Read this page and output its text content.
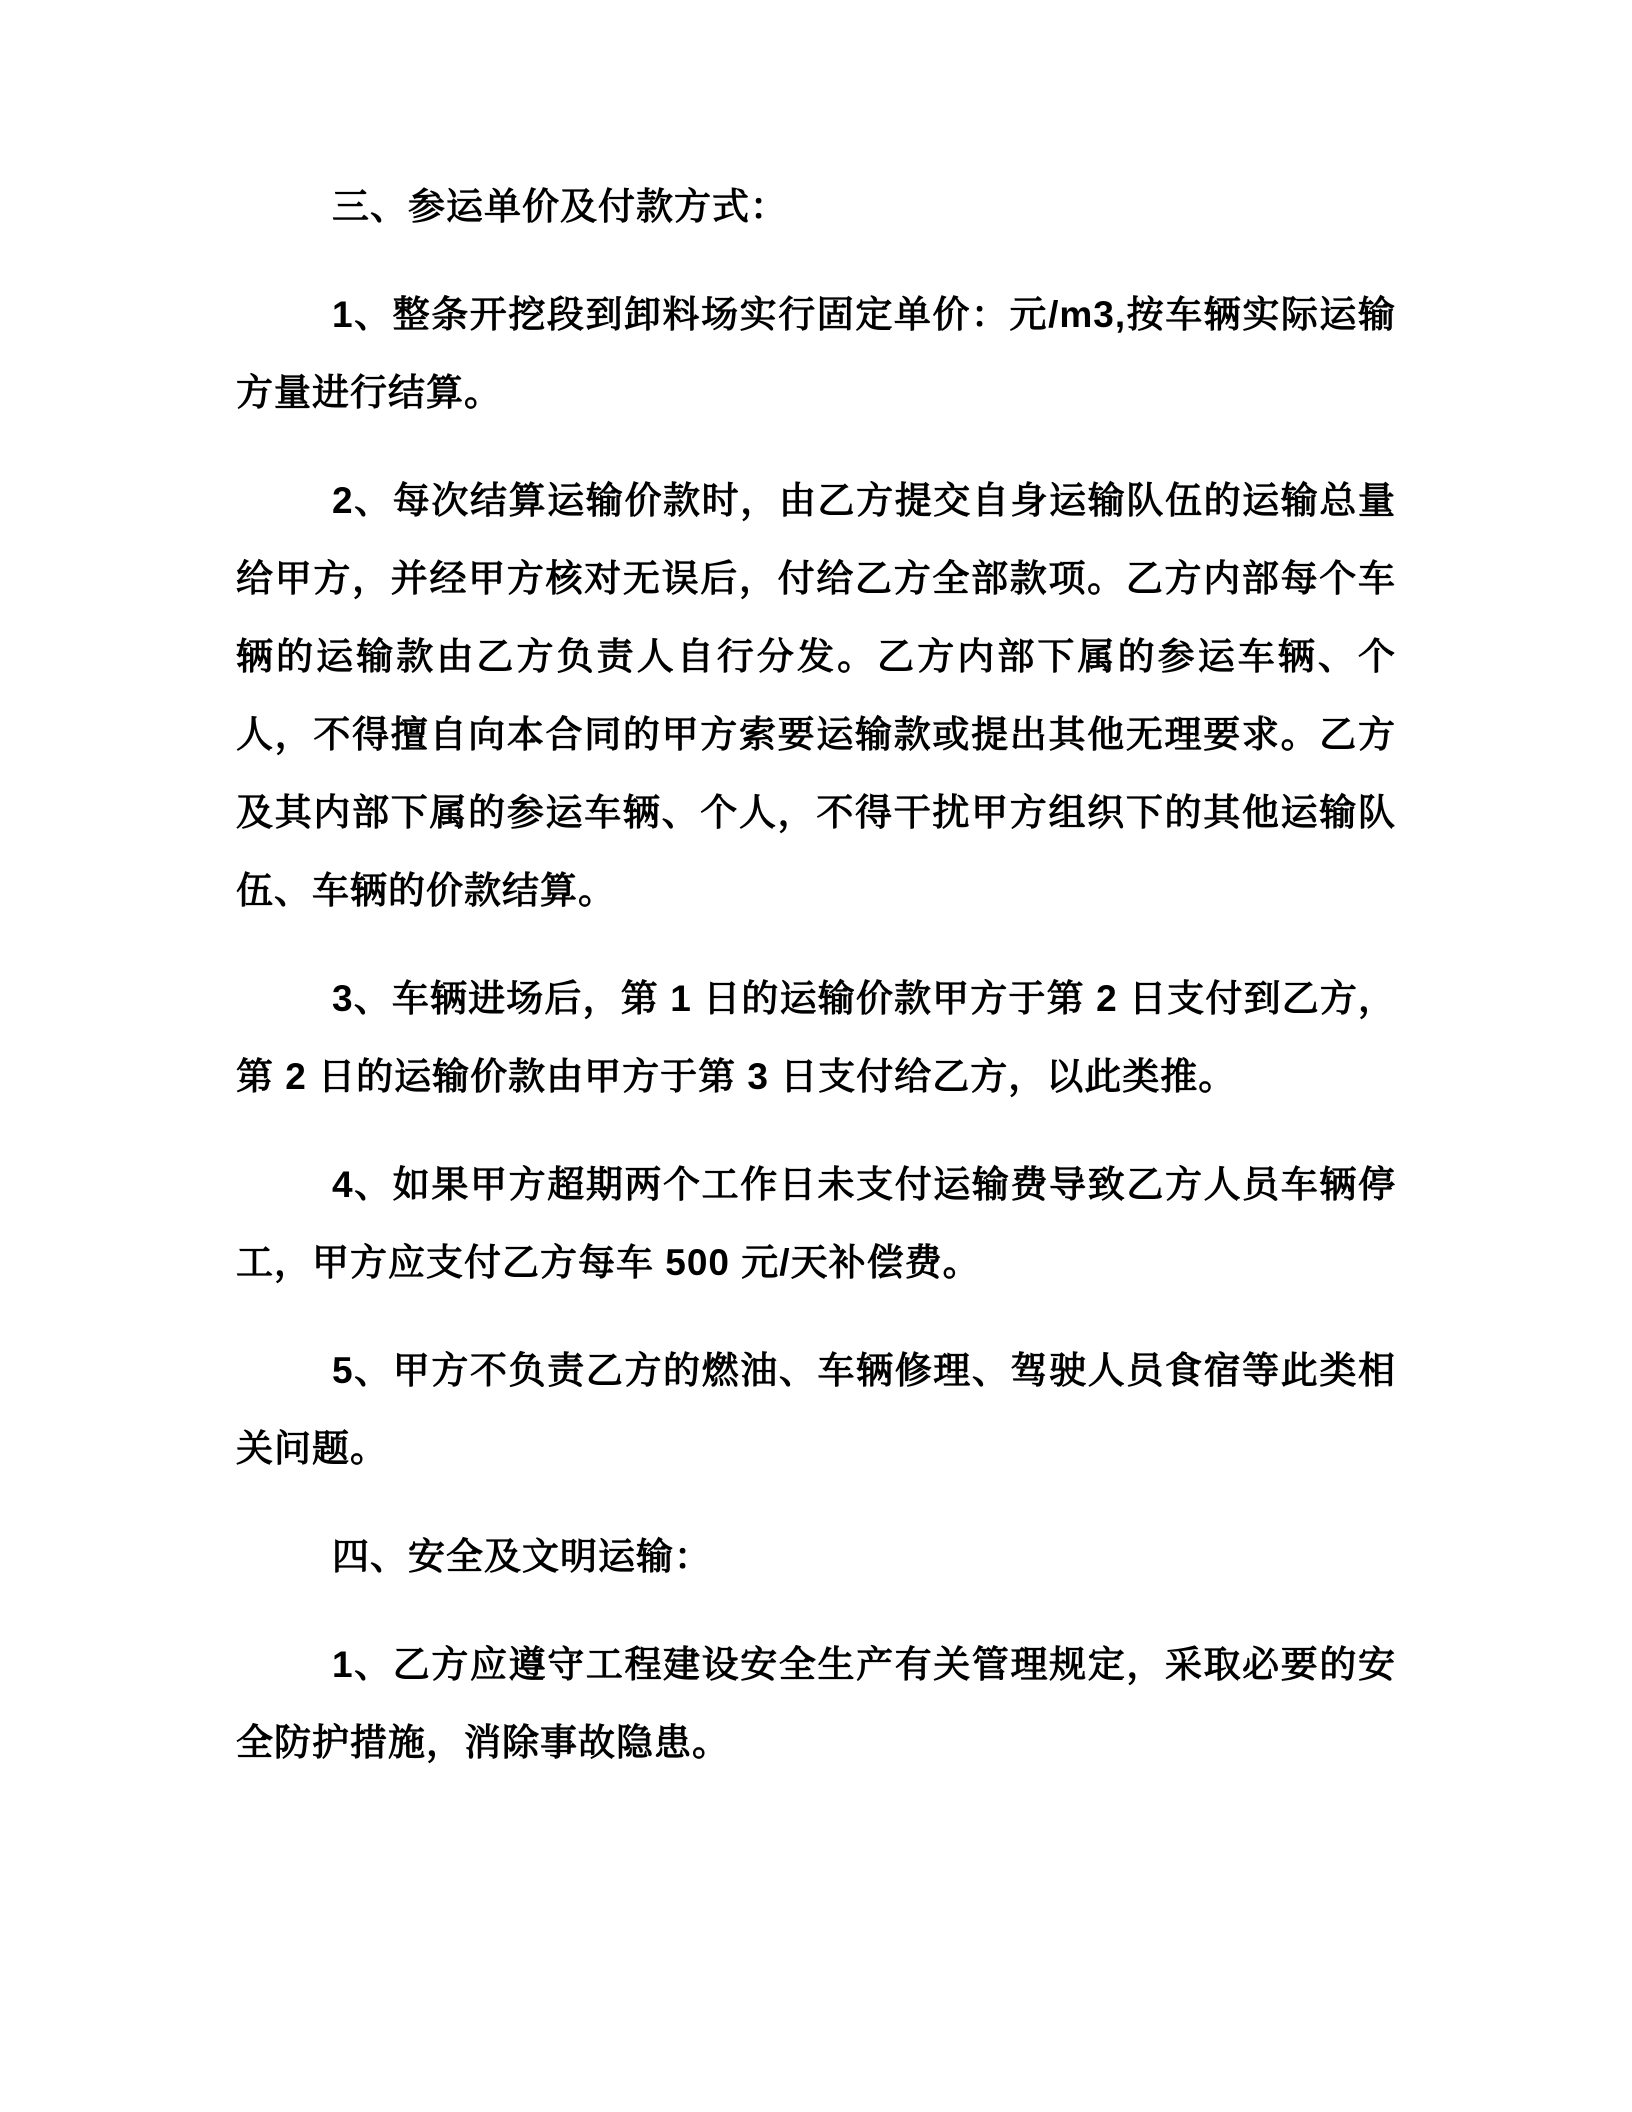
三、参运单价及付款方式：

1、整条开挖段到卸料场实行固定单价：元/m3,按车辆实际运输方量进行结算。

2、每次结算运输价款时，由乙方提交自身运输队伍的运输总量给甲方，并经甲方核对无误后，付给乙方全部款项。乙方内部每个车辆的运输款由乙方负责人自行分发。乙方内部下属的参运车辆、个人，不得擅自向本合同的甲方索要运输款或提出其他无理要求。乙方及其内部下属的参运车辆、个人，不得干扰甲方组织下的其他运输队伍、车辆的价款结算。

3、车辆进场后，第 1 日的运输价款甲方于第 2 日支付到乙方，第 2 日的运输价款由甲方于第 3 日支付给乙方，以此类推。

4、如果甲方超期两个工作日未支付运输费导致乙方人员车辆停工，甲方应支付乙方每车 500 元/天补偿费。

5、甲方不负责乙方的燃油、车辆修理、驾驶人员食宿等此类相关问题。

四、安全及文明运输：

1、乙方应遵守工程建设安全生产有关管理规定，采取必要的安全防护措施，消除事故隐患。
